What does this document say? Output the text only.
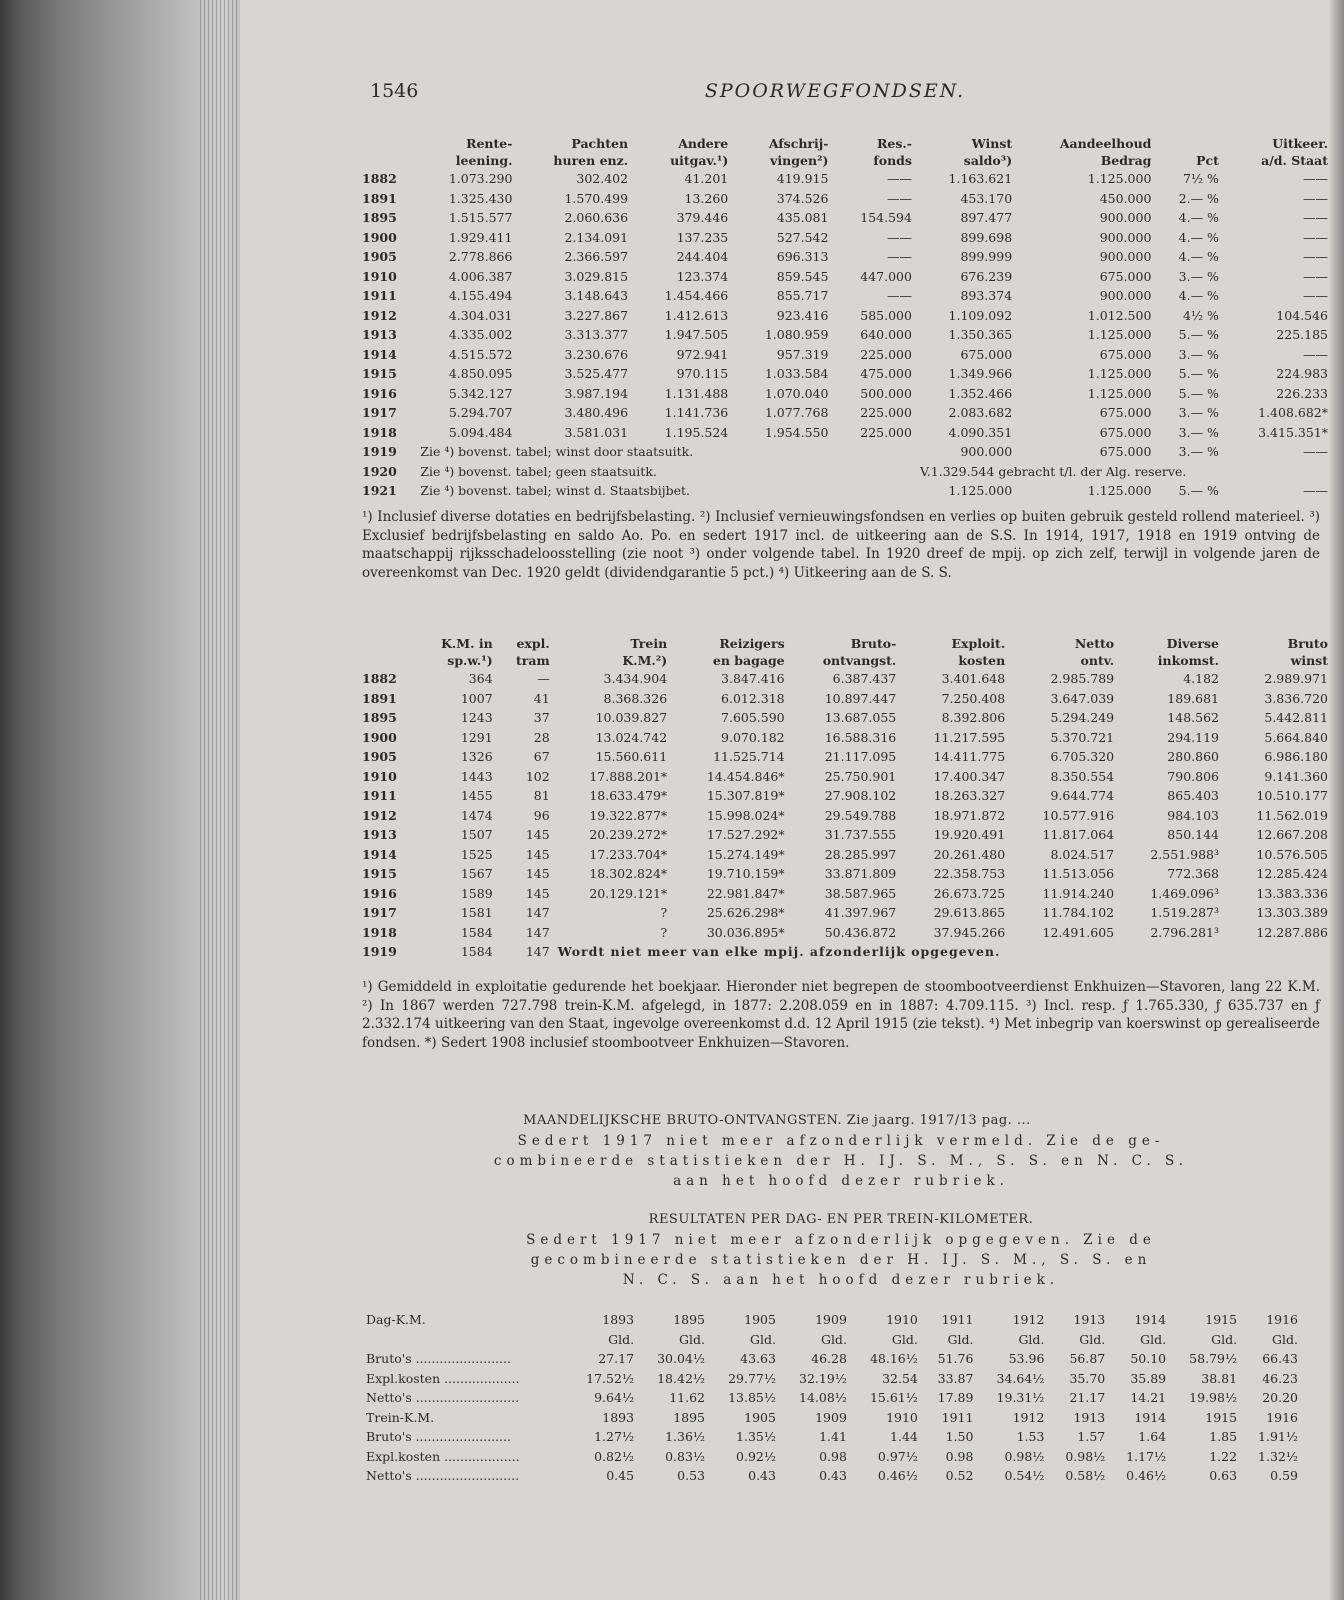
1546	SPOORWEGFONDSEN.
	Rente-	Pachten	Andere	Afschrij-	Res.-	Winst	Aandeelhoud		Uitkeer.
	leening.	huren enz.	uitgav.¹)	vingen²)	fonds	saldo³)	Bedrag	Pct	a/d. Staat
1882	1.073.290	302.402	41.201	419.915	——	1.163.621	1.125.000	7½ %	——
1891	1.325.430	1.570.499	13.260	374.526	——	453.170	450.000	2.— %	——
1895	1.515.577	2.060.636	379.446	435.081	154.594	897.477	900.000	4.— %	——
1900	1.929.411	2.134.091	137.235	527.542	——	899.698	900.000	4.— %	——
1905	2.778.866	2.366.597	244.404	696.313	——	899.999	900.000	4.— %	——
1910	4.006.387	3.029.815	123.374	859.545	447.000	676.239	675.000	3.— %	——
1911	4.155.494	3.148.643	1.454.466	855.717	——	893.374	900.000	4.— %	——
1912	4.304.031	3.227.867	1.412.613	923.416	585.000	1.109.092	1.012.500	4½ %	104.546
1913	4.335.002	3.313.377	1.947.505	1.080.959	640.000	1.350.365	1.125.000	5.— %	225.185
1914	4.515.572	3.230.676	972.941	957.319	225.000	675.000	675.000	3.— %	——
1915	4.850.095	3.525.477	970.115	1.033.584	475.000	1.349.966	1.125.000	5.— %	224.983
1916	5.342.127	3.987.194	1.131.488	1.070.040	500.000	1.352.466	1.125.000	5.— %	226.233
1917	5.294.707	3.480.496	1.141.736	1.077.768	225.000	2.083.682	675.000	3.— %	1.408.682*
1918	5.094.484	3.581.031	1.195.524	1.954.550	225.000	4.090.351	675.000	3.— %	3.415.351*
1919	Zie ⁴) bovenst. tabel; winst door staatsuitk.					900.000	675.000	3.— %	——
1920	Zie ⁴) bovenst. tabel; geen staatsuitk.					V.1.329.544 gebracht t/l. der Alg. reserve.			
1921	Zie ⁴) bovenst. tabel; winst d. Staatsbijbet.					1.125.000	1.125.000	5.— %	——
¹) Inclusief diverse dotaties en bedrijfsbelasting. ²) Inclusief vernieuwingsfondsen en verlies op buiten gebruik gesteld rollend materieel. ³) Exclusief bedrijfsbelasting en saldo Ao. Po. en sedert 1917 incl. de uitkeering aan de S.S. In 1914, 1917, 1918 en 1919 ontving de maatschappij rijksschadeloosstelling (zie noot ³) onder volgende tabel. In 1920 dreef de mpij. op zich zelf, terwijl in volgende jaren de overeenkomst van Dec. 1920 geldt (dividendgarantie 5 pct.) ⁴) Uitkeering aan de S. S.
	K.M. in	expl.	Trein	Reizigers	Bruto-	Exploit.	Netto	Diverse	Bruto
	sp.w.¹)	tram	K.M.²)	en bagage	ontvangst.	kosten	ontv.	inkomst.	winst
1882	364	—	3.434.904	3.847.416	6.387.437	3.401.648	2.985.789	4.182	2.989.971
1891	1007	41	8.368.326	6.012.318	10.897.447	7.250.408	3.647.039	189.681	3.836.720
1895	1243	37	10.039.827	7.605.590	13.687.055	8.392.806	5.294.249	148.562	5.442.811
1900	1291	28	13.024.742	9.070.182	16.588.316	11.217.595	5.370.721	294.119	5.664.840
1905	1326	67	15.560.611	11.525.714	21.117.095	14.411.775	6.705.320	280.860	6.986.180
1910	1443	102	17.888.201*	14.454.846*	25.750.901	17.400.347	8.350.554	790.806	9.141.360
1911	1455	81	18.633.479*	15.307.819*	27.908.102	18.263.327	9.644.774	865.403	10.510.177
1912	1474	96	19.322.877*	15.998.024*	29.549.788	18.971.872	10.577.916	984.103	11.562.019
1913	1507	145	20.239.272*	17.527.292*	31.737.555	19.920.491	11.817.064	850.144	12.667.208
1914	1525	145	17.233.704*	15.274.149*	28.285.997	20.261.480	8.024.517	2.551.988³	10.576.505
1915	1567	145	18.302.824*	19.710.159*	33.871.809	22.358.753	11.513.056	772.368	12.285.424
1916	1589	145	20.129.121*	22.981.847*	38.587.965	26.673.725	11.914.240	1.469.096³	13.383.336
1917	1581	147	?	25.626.298*	41.397.967	29.613.865	11.784.102	1.519.287³	13.303.389
1918	1584	147	?	30.036.895*	50.436.872	37.945.266	12.491.605	2.796.281³	12.287.886
1919	1584	147	Wordt niet meer van elke mpij. afzonderlijk opgegeven.						
¹) Gemiddeld in exploitatie gedurende het boekjaar. Hieronder niet begrepen de stoombootveerdienst Enkhuizen—Stavoren, lang 22 K.M. ²) In 1867 werden 727.798 trein-K.M. afgelegd, in 1877: 2.208.059 en in 1887: 4.709.115. ³) Incl. resp. ƒ 1.765.330, ƒ 635.737 en ƒ 2.332.174 uitkeering van den Staat, ingevolge overeenkomst d.d. 12 April 1915 (zie tekst). ⁴) Met inbegrip van koerswinst op gerealiseerde fondsen. *) Sedert 1908 inclusief stoombootveer Enkhuizen—Stavoren.
MAANDELIJKSCHE BRUTO-ONTVANGSTEN. Zie jaarg. 1917/13 pag. ...
Sedert 1917 niet meer afzonderlijk vermeld. Zie de ge-
combineerde statistieken der H. IJ. S. M., S. S. en N. C. S.
aan het hoofd dezer rubriek.
RESULTATEN PER DAG- EN PER TREIN-KILOMETER.
Sedert 1917 niet meer afzonderlijk opgegeven. Zie de
gecombineerde statistieken der H. IJ. S. M., S. S. en
N. C. S. aan het hoofd dezer rubriek.
Dag-K.M.	1893	1895	1905	1909	1910	1911	1912	1913	1914	1915	1916
	Gld.	Gld.	Gld.	Gld.	Gld.	Gld.	Gld.	Gld.	Gld.	Gld.	Gld.
Bruto's ........................	27.17	30.04½	43.63	46.28	48.16½	51.76	53.96	56.87	50.10	58.79½	66.43
Expl.kosten ...................	17.52½	18.42½	29.77½	32.19½	32.54	33.87	34.64½	35.70	35.89	38.81	46.23
Netto's ..........................	9.64½	11.62	13.85½	14.08½	15.61½	17.89	19.31½	21.17	14.21	19.98½	20.20
Trein-K.M.	1893	1895	1905	1909	1910	1911	1912	1913	1914	1915	1916
Bruto's ........................	1.27½	1.36½	1.35½	1.41	1.44	1.50	1.53	1.57	1.64	1.85	1.91½
Expl.kosten ...................	0.82½	0.83½	0.92½	0.98	0.97½	0.98	0.98½	0.98½	1.17½	1.22	1.32½
Netto's ..........................	0.45	0.53	0.43	0.43	0.46½	0.52	0.54½	0.58½	0.46½	0.63	0.59
